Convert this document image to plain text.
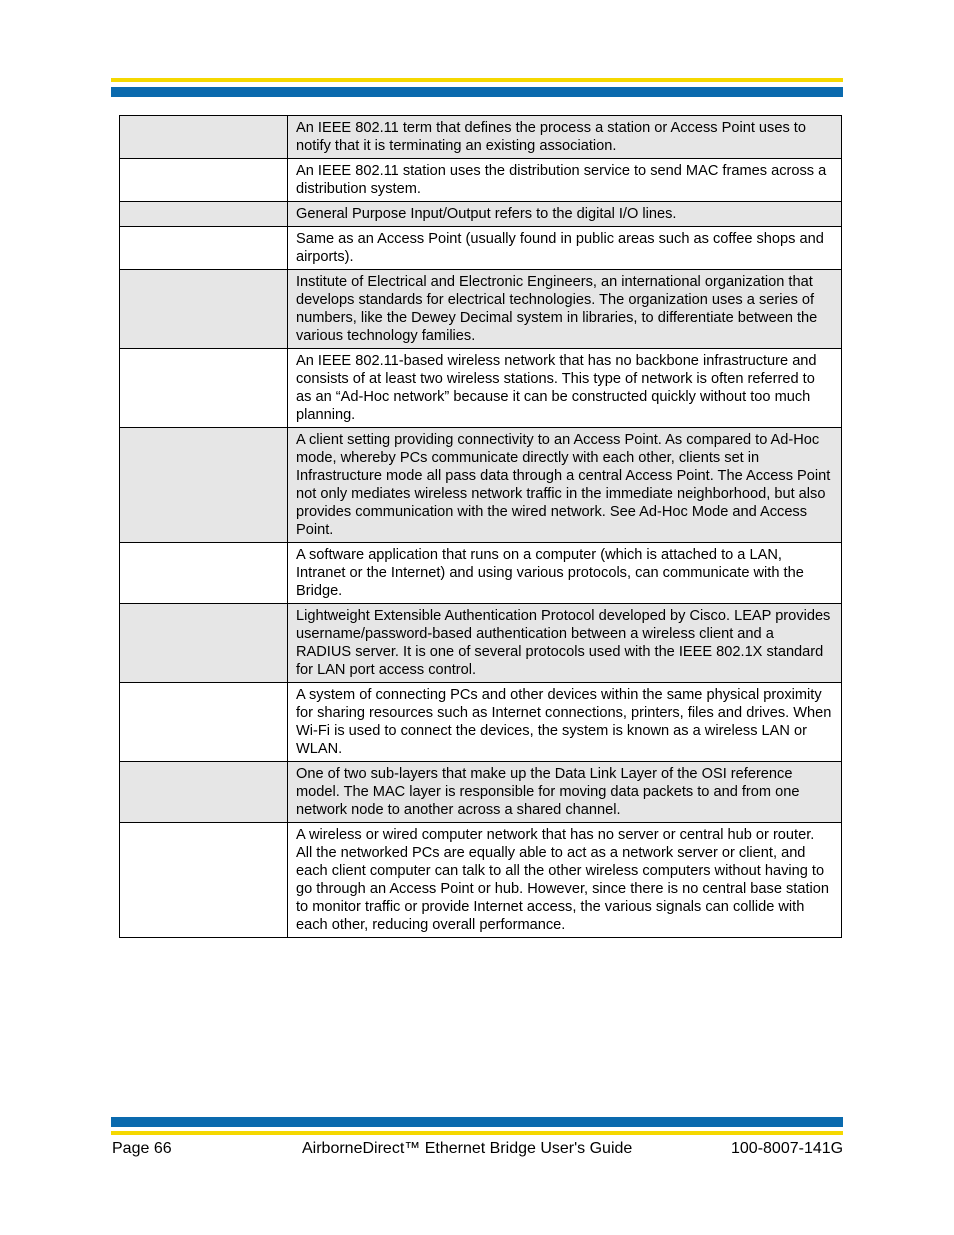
	An IEEE 802.11 term that defines the process a station or Access Point uses to notify that it is terminating an existing association.
	An IEEE 802.11 station uses the distribution service to send MAC frames across a distribution system.
	General Purpose Input/Output refers to the digital I/O lines.
	Same as an Access Point (usually found in public areas such as coffee shops and airports).
	Institute of Electrical and Electronic Engineers, an international organization that develops standards for electrical technologies. The organization uses a series of numbers, like the Dewey Decimal system in libraries, to differentiate between the various technology families.
	An IEEE 802.11-based wireless network that has no backbone infrastructure and consists of at least two wireless stations. This type of network is often referred to as an “Ad-Hoc network” because it can be constructed quickly without too much planning.
	A client setting providing connectivity to an Access Point. As compared to Ad-Hoc mode, whereby PCs communicate directly with each other, clients set in Infrastructure mode all pass data through a central Access Point. The Access Point not only mediates wireless network traffic in the immediate neighborhood, but also provides communication with the wired network. See Ad-Hoc Mode and Access Point.
	A software application that runs on a computer (which is attached to a LAN, Intranet or the Internet) and using various protocols, can communicate with the Bridge.
	Lightweight Extensible Authentication Protocol developed by Cisco. LEAP provides username/password-based authentication between a wireless client and a RADIUS server. It is one of several protocols used with the IEEE 802.1X standard for LAN port access control.
	A system of connecting PCs and other devices within the same physical proximity for sharing resources such as Internet connections, printers, files and drives. When Wi-Fi is used to connect the devices, the system is known as a wireless LAN or WLAN.
	One of two sub-layers that make up the Data Link Layer of the OSI reference model. The MAC layer is responsible for moving data packets to and from one network node to another across a shared channel.
	A wireless or wired computer network that has no server or central hub or router. All the networked PCs are equally able to act as a network server or client, and each client computer can talk to all the other wireless computers without having to go through an Access Point or hub. However, since there is no central base station to monitor traffic or provide Internet access, the various signals can collide with each other, reducing overall performance.
Page 66	AirborneDirect™ Ethernet Bridge User's Guide	100-8007-141G
